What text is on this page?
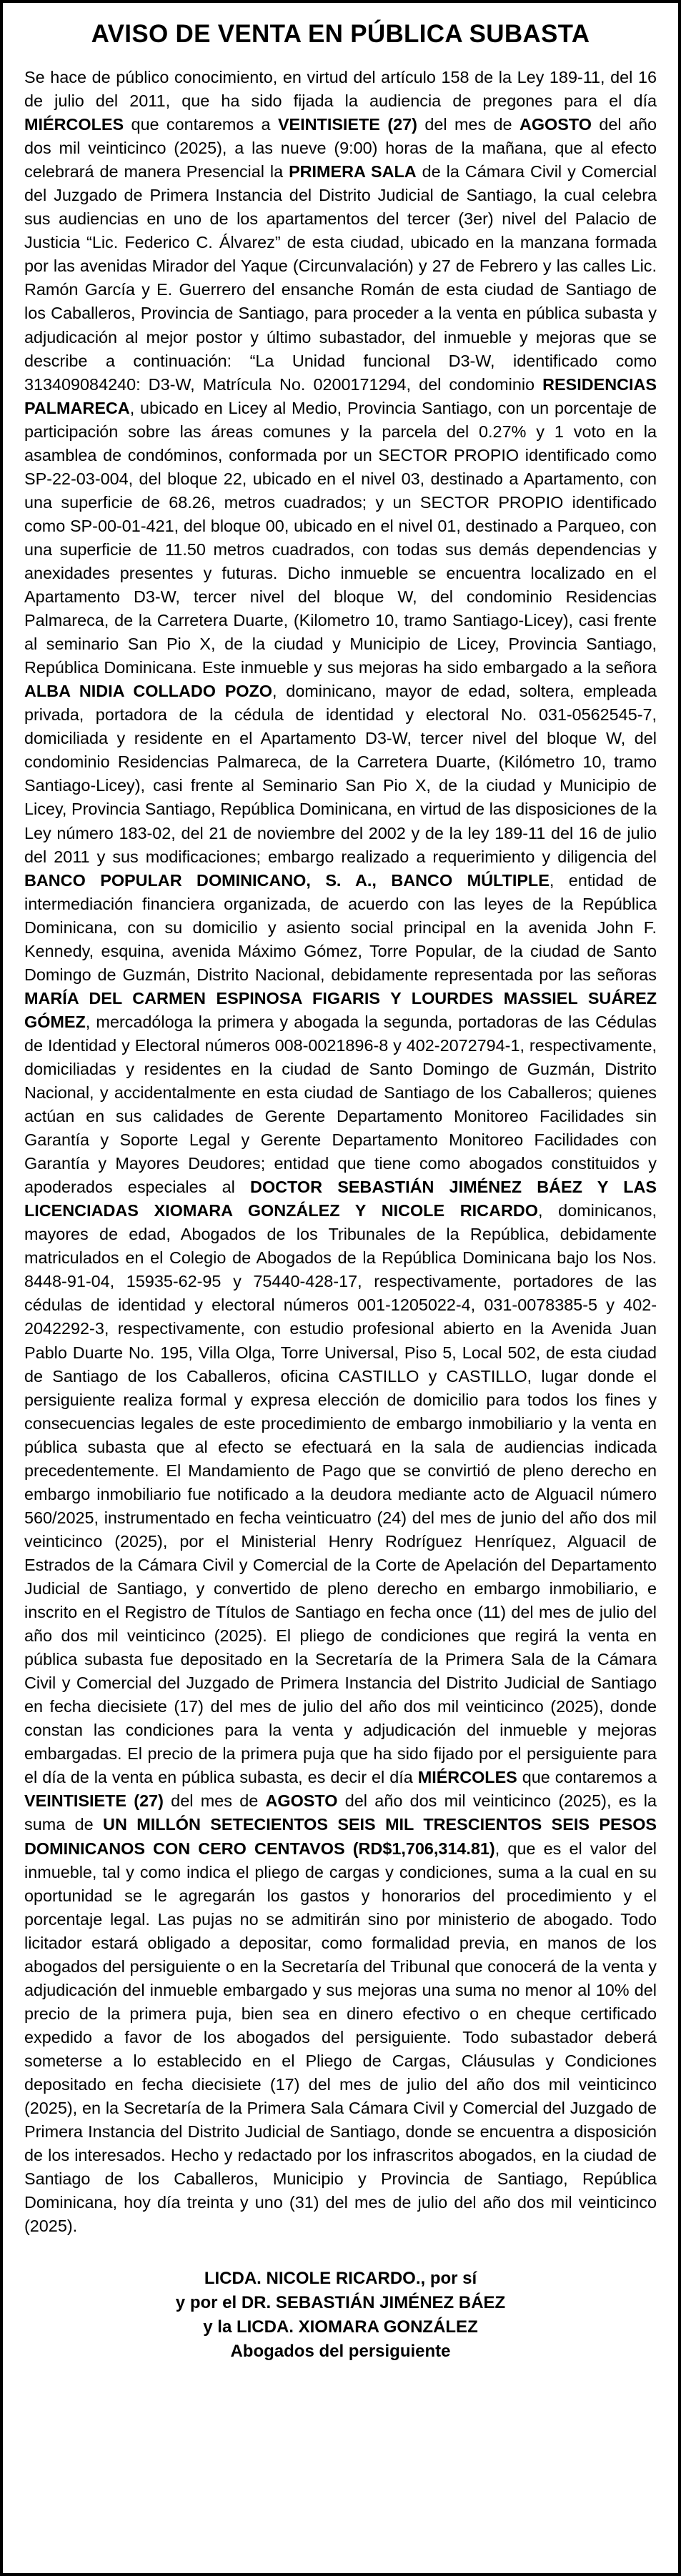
AVISO DE VENTA EN PÚBLICA SUBASTA

Se hace de público conocimiento, en virtud del artículo 158 de la Ley 189-11, del 16 de julio del 2011, que ha sido fijada la audiencia de pregones para el día MIÉRCOLES que contaremos a VEINTISIETE (27) del mes de AGOSTO del año dos mil veinticinco (2025), a las nueve (9:00) horas de la mañana, que al efecto celebrará de manera Presencial la PRIMERA SALA de la Cámara Civil y Comercial del Juzgado de Primera Instancia del Distrito Judicial de Santiago, la cual celebra sus audiencias en uno de los apartamentos del tercer (3er) nivel del Palacio de Justicia “Lic. Federico C. Álvarez” de esta ciudad, ubicado en la manzana formada por las avenidas Mirador del Yaque (Circunvalación) y 27 de Febrero y las calles Lic. Ramón García y E. Guerrero del ensanche Román de esta ciudad de Santiago de los Caballeros, Provincia de Santiago, para proceder a la venta en pública subasta y adjudicación al mejor postor y último subastador, del inmueble y mejoras que se describe a continuación: “La Unidad funcional D3-W, identificado como 313409084240: D3-W, Matrícula No. 0200171294, del condominio RESIDENCIAS PALMARECA, ubicado en Licey al Medio, Provincia Santiago, con un porcentaje de participación sobre las áreas comunes y la parcela del 0.27% y 1 voto en la asamblea de condóminos, conformada por un SECTOR PROPIO identificado como SP-22-03-004, del bloque 22, ubicado en el nivel 03, destinado a Apartamento, con una superficie de 68.26, metros cuadrados; y un SECTOR PROPIO identificado como SP-00-01-421, del bloque 00, ubicado en el nivel 01, destinado a Parqueo, con una superficie de 11.50 metros cuadrados, con todas sus demás dependencias y anexidades presentes y futuras. Dicho inmueble se encuentra localizado en el Apartamento D3-W, tercer nivel del bloque W, del condominio Residencias Palmareca, de la Carretera Duarte, (Kilometro 10, tramo Santiago-Licey), casi frente al seminario San Pio X, de la ciudad y Municipio de Licey, Provincia Santiago, República Dominicana. Este inmueble y sus mejoras ha sido embargado a la señora ALBA NIDIA COLLADO POZO, dominicano, mayor de edad, soltera, empleada privada, portadora de la cédula de identidad y electoral No. 031-0562545-7, domiciliada y residente en el Apartamento D3-W, tercer nivel del bloque W, del condominio Residencias Palmareca, de la Carretera Duarte, (Kilómetro 10, tramo Santiago-Licey), casi frente al Seminario San Pio X, de la ciudad y Municipio de Licey, Provincia Santiago, República Dominicana, en virtud de las disposiciones de la Ley número 183-02, del 21 de noviembre del 2002 y de la ley 189-11 del 16 de julio del 2011 y sus modificaciones; embargo realizado a requerimiento y diligencia del BANCO POPULAR DOMINICANO, S. A., BANCO MÚLTIPLE, entidad de intermediación financiera organizada, de acuerdo con las leyes de la República Dominicana, con su domicilio y asiento social principal en la avenida John F. Kennedy, esquina, avenida Máximo Gómez, Torre Popular, de la ciudad de Santo Domingo de Guzmán, Distrito Nacional, debidamente representada por las señoras MARÍA DEL CARMEN ESPINOSA FIGARIS Y LOURDES MASSIEL SUÁREZ GÓMEZ, mercadóloga la primera y abogada la segunda, portadoras de las Cédulas de Identidad y Electoral números 008-0021896-8 y 402-2072794-1, respectivamente, domiciliadas y residentes en la ciudad de Santo Domingo de Guzmán, Distrito Nacional, y accidentalmente en esta ciudad de Santiago de los Caballeros; quienes actúan en sus calidades de Gerente Departamento Monitoreo Facilidades sin Garantía y Soporte Legal y Gerente Departamento Monitoreo Facilidades con Garantía y Mayores Deudores; entidad que tiene como abogados constituidos y apoderados especiales al DOCTOR SEBASTIÁN JIMÉNEZ BÁEZ Y LAS LICENCIADAS XIOMARA GONZÁLEZ Y NICOLE RICARDO, dominicanos, mayores de edad, Abogados de los Tribunales de la República, debidamente matriculados en el Colegio de Abogados de la República Dominicana bajo los Nos. 8448-91-04, 15935-62-95 y 75440-428-17, respectivamente, portadores de las cédulas de identidad y electoral números 001-1205022-4, 031-0078385-5 y 402-2042292-3, respectivamente, con estudio profesional abierto en la Avenida Juan Pablo Duarte No. 195, Villa Olga, Torre Universal, Piso 5, Local 502, de esta ciudad de Santiago de los Caballeros, oficina CASTILLO y CASTILLO, lugar donde el persiguiente realiza formal y expresa elección de domicilio para todos los fines y consecuencias legales de este procedimiento de embargo inmobiliario y la venta en pública subasta que al efecto se efectuará en la sala de audiencias indicada precedentemente. El Mandamiento de Pago que se convirtió de pleno derecho en embargo inmobiliario fue notificado a la deudora mediante acto de Alguacil número 560/2025, instrumentado en fecha veinticuatro (24) del mes de junio del año dos mil veinticinco (2025), por el Ministerial Henry Rodríguez Henríquez, Alguacil de Estrados de la Cámara Civil y Comercial de la Corte de Apelación del Departamento Judicial de Santiago, y convertido de pleno derecho en embargo inmobiliario, e inscrito en el Registro de Títulos de Santiago en fecha once (11) del mes de julio del año dos mil veinticinco (2025). El pliego de condiciones que regirá la venta en pública subasta fue depositado en la Secretaría de la Primera Sala de la Cámara Civil y Comercial del Juzgado de Primera Instancia del Distrito Judicial de Santiago en fecha diecisiete (17) del mes de julio del año dos mil veinticinco (2025), donde constan las condiciones para la venta y adjudicación del inmueble y mejoras embargadas. El precio de la primera puja que ha sido fijado por el persiguiente para el día de la venta en pública subasta, es decir el día MIÉRCOLES que contaremos a VEINTISIETE (27) del mes de AGOSTO del año dos mil veinticinco (2025), es la suma de UN MILLÓN SETECIENTOS SEIS MIL TRESCIENTOS SEIS PESOS DOMINICANOS CON CERO CENTAVOS (RD$1,706,314.81), que es el valor del inmueble, tal y como indica el pliego de cargas y condiciones, suma a la cual en su oportunidad se le agregarán los gastos y honorarios del procedimiento y el porcentaje legal. Las pujas no se admitirán sino por ministerio de abogado. Todo licitador estará obligado a depositar, como formalidad previa, en manos de los abogados del persiguiente o en la Secretaría del Tribunal que conocerá de la venta y adjudicación del inmueble embargado y sus mejoras una suma no menor al 10% del precio de la primera puja, bien sea en dinero efectivo o en cheque certificado expedido a favor de los abogados del persiguiente. Todo subastador deberá someterse a lo establecido en el Pliego de Cargas, Cláusulas y Condiciones depositado en fecha diecisiete (17) del mes de julio del año dos mil veinticinco (2025), en la Secretaría de la Primera Sala Cámara Civil y Comercial del Juzgado de Primera Instancia del Distrito Judicial de Santiago, donde se encuentra a disposición de los interesados. Hecho y redactado por los infrascritos abogados, en la ciudad de Santiago de los Caballeros, Municipio y Provincia de Santiago, República Dominicana, hoy día treinta y uno (31) del mes de julio del año dos mil veinticinco (2025).

LICDA. NICOLE RICARDO., por sí
y por el DR. SEBASTIÁN JIMÉNEZ BÁEZ
y la LICDA. XIOMARA GONZÁLEZ
Abogados del persiguiente
